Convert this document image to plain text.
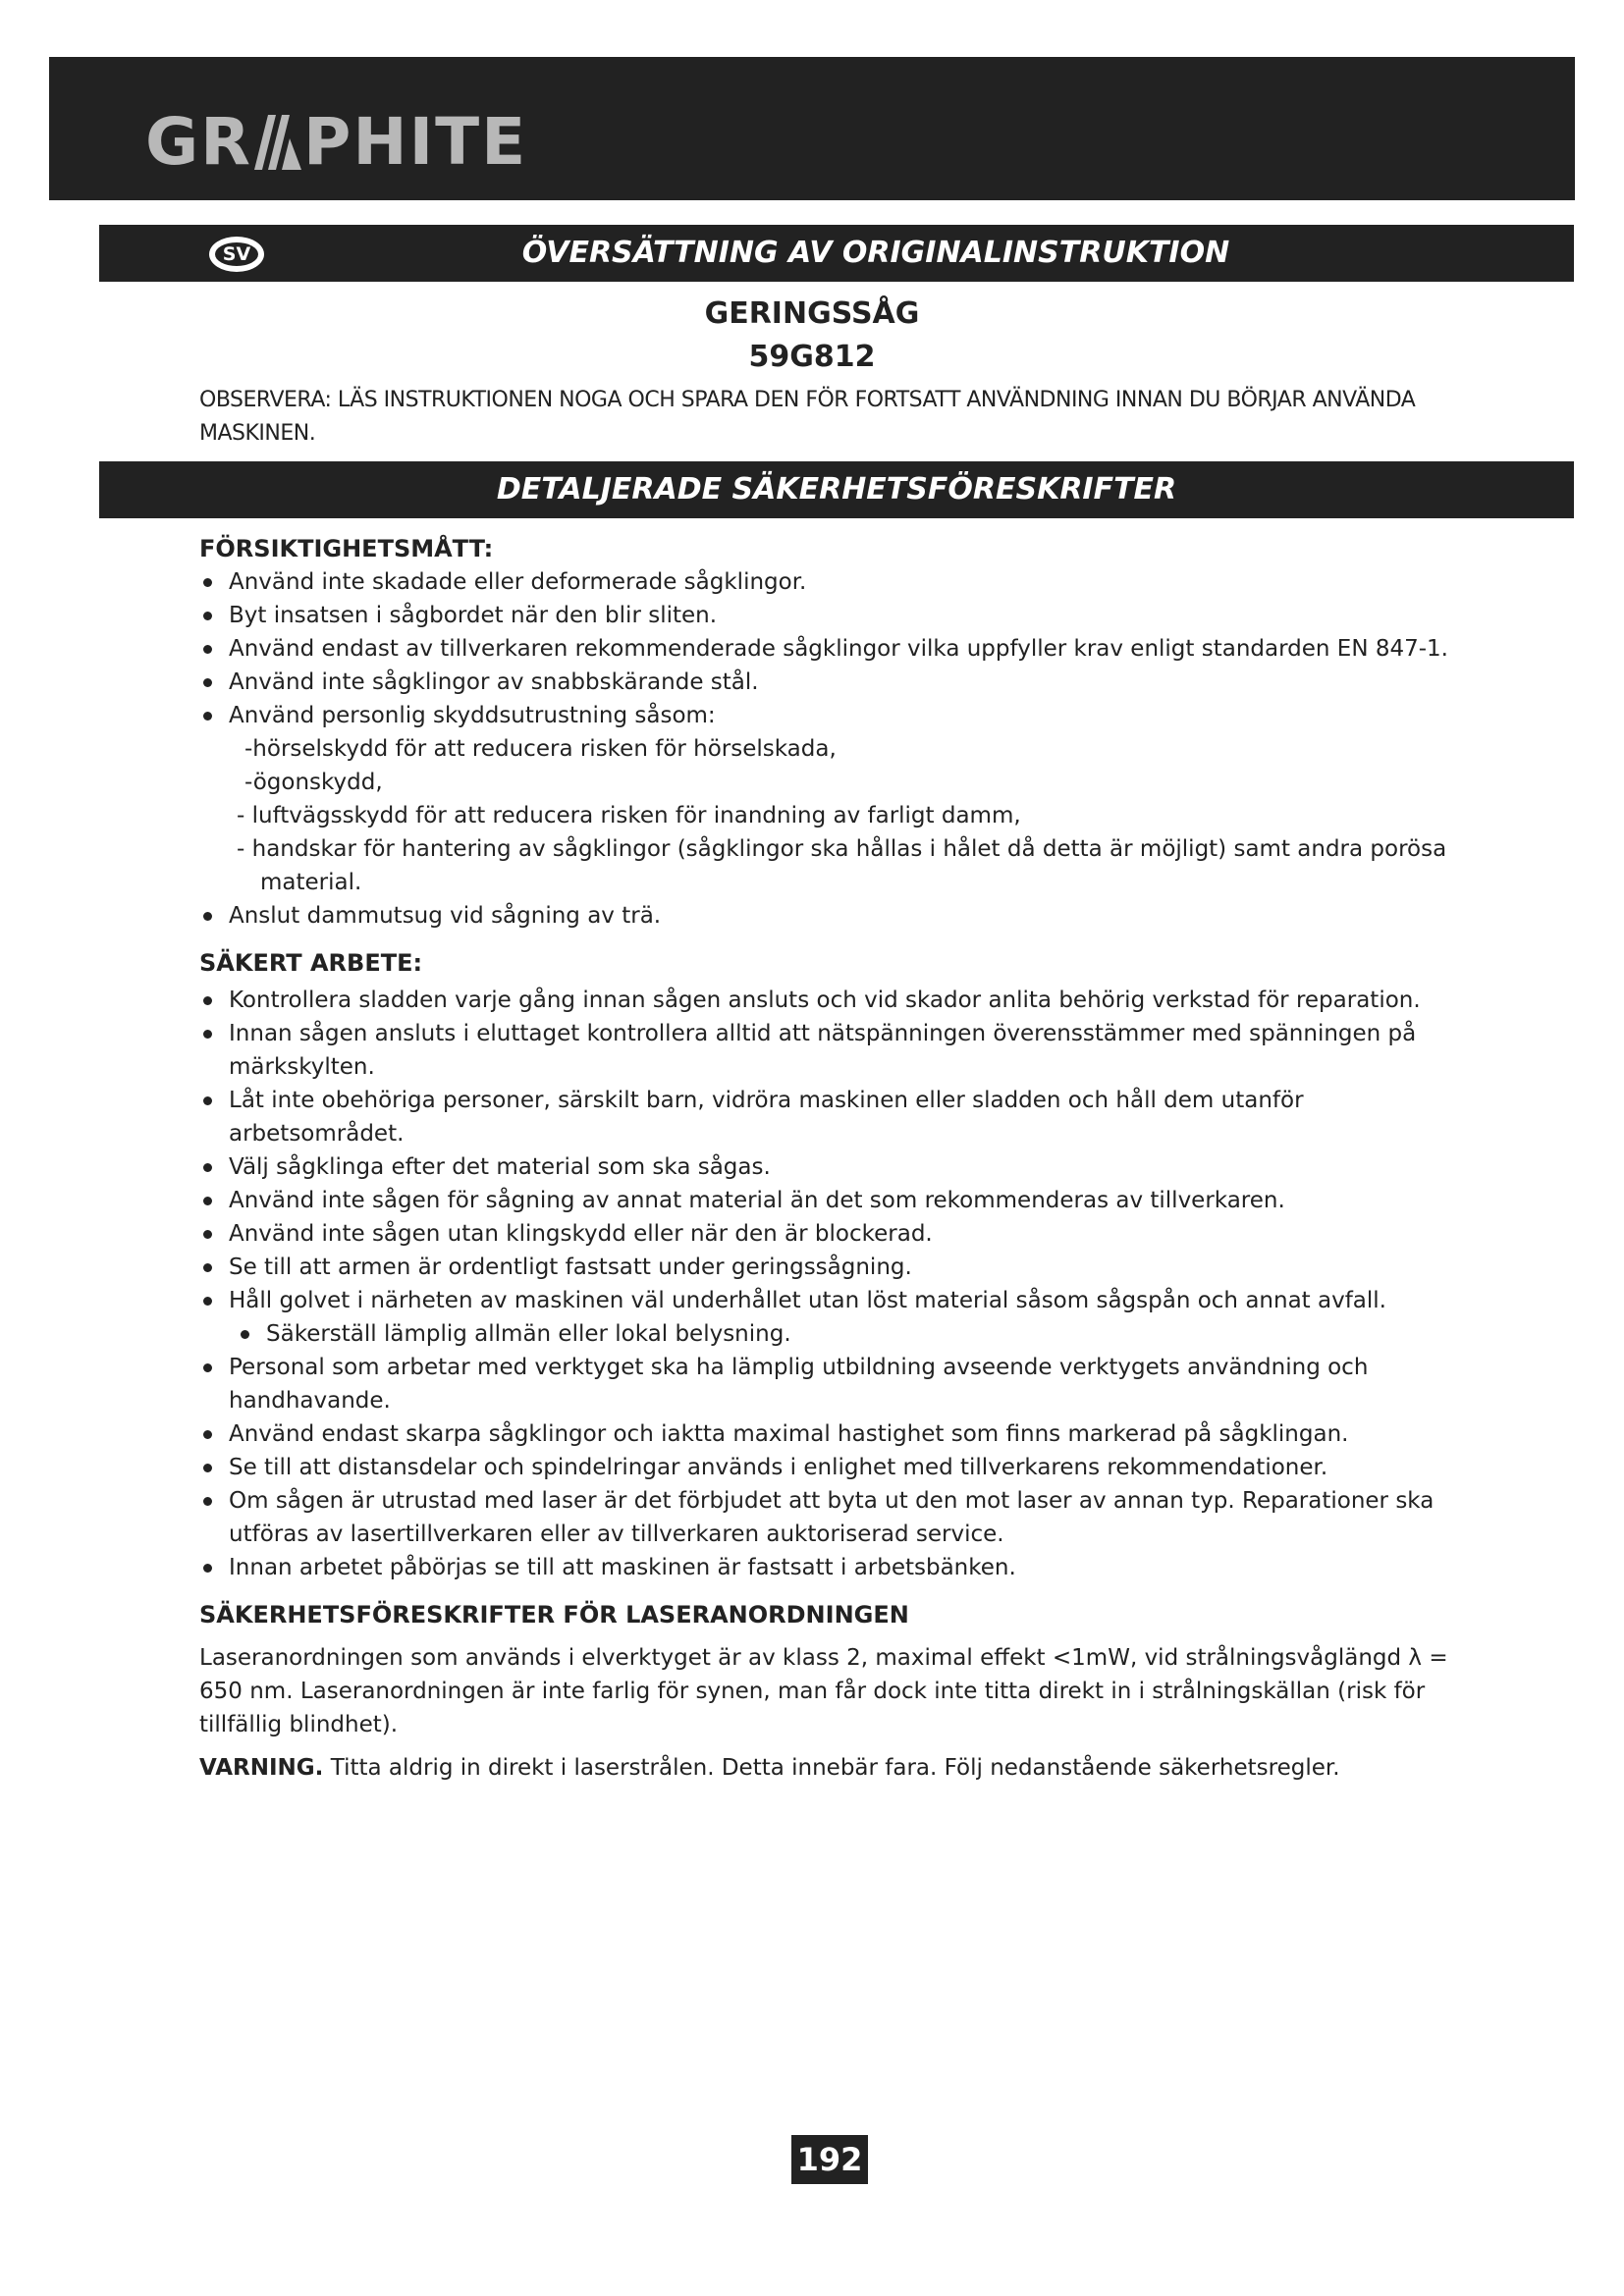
GR PHITE
ÖVERSÄTTNING AV ORIGINALINSTRUKTION
SV
GERINGSSÅG
59G812
OBSERVERA: LÄS INSTRUKTIONEN NOGA OCH SPARA DEN FÖR FORTSATT ANVÄNDNING INNAN DU BÖRJAR ANVÄNDA MASKINEN.
DETALJERADE SÄKERHETSFÖRESKRIFTER
FÖRSIKTIGHETSMÅTT:
Använd inte skadade eller deformerade sågklingor.
Byt insatsen i sågbordet när den blir sliten.
Använd endast av tillverkaren rekommenderade sågklingor vilka uppfyller krav enligt standarden EN 847-1.
Använd inte sågklingor av snabbskärande stål.
Använd personlig skyddsutrustning såsom:
-hörselskydd för att reducera risken för hörselskada,
-ögonskydd,
- luftvägsskydd för att reducera risken för inandning av farligt damm,
- handskar för hantering av sågklingor (sågklingor ska hållas i hålet då detta är möjligt) samt andra porösa material.
Anslut dammutsug vid sågning av trä.
SÄKERT ARBETE:
Kontrollera sladden varje gång innan sågen ansluts och vid skador anlita behörig verkstad för reparation.
Innan sågen ansluts i eluttaget kontrollera alltid att nätspänningen överensstämmer med spänningen på märkskylten.
Låt inte obehöriga personer, särskilt barn, vidröra maskinen eller sladden och håll dem utanför arbetsområdet.
Välj sågklinga efter det material som ska sågas.
Använd inte sågen för sågning av annat material än det som rekommenderas av tillverkaren.
Använd inte sågen utan klingskydd eller när den är blockerad.
Se till att armen är ordentligt fastsatt under geringssågning.
Håll golvet i närheten av maskinen väl underhållet utan löst material såsom sågspån och annat avfall.
Säkerställ lämplig allmän eller lokal belysning.
Personal som arbetar med verktyget ska ha lämplig utbildning avseende verktygets användning och handhavande.
Använd endast skarpa sågklingor och iaktta maximal hastighet som finns markerad på sågklingan.
Se till att distansdelar och spindelringar används i enlighet med tillverkarens rekommendationer.
Om sågen är utrustad med laser är det förbjudet att byta ut den mot laser av annan typ. Reparationer ska utföras av lasertillverkaren eller av tillverkaren auktoriserad service.
Innan arbetet påbörjas se till att maskinen är fastsatt i arbetsbänken.
SÄKERHETSFÖRESKRIFTER FÖR LASERANORDNINGEN

Laseranordningen som används i elverktyget är av klass 2, maximal effekt <1mW, vid strålningsvåglängd λ = 650 nm. Laseranordningen är inte farlig för synen, man får dock inte titta direkt in i strålningskällan (risk för tillfällig blindhet).

VARNING. Titta aldrig in direkt i laserstrålen. Detta innebär fara. Följ nedanstående säkerhetsregler.

192
